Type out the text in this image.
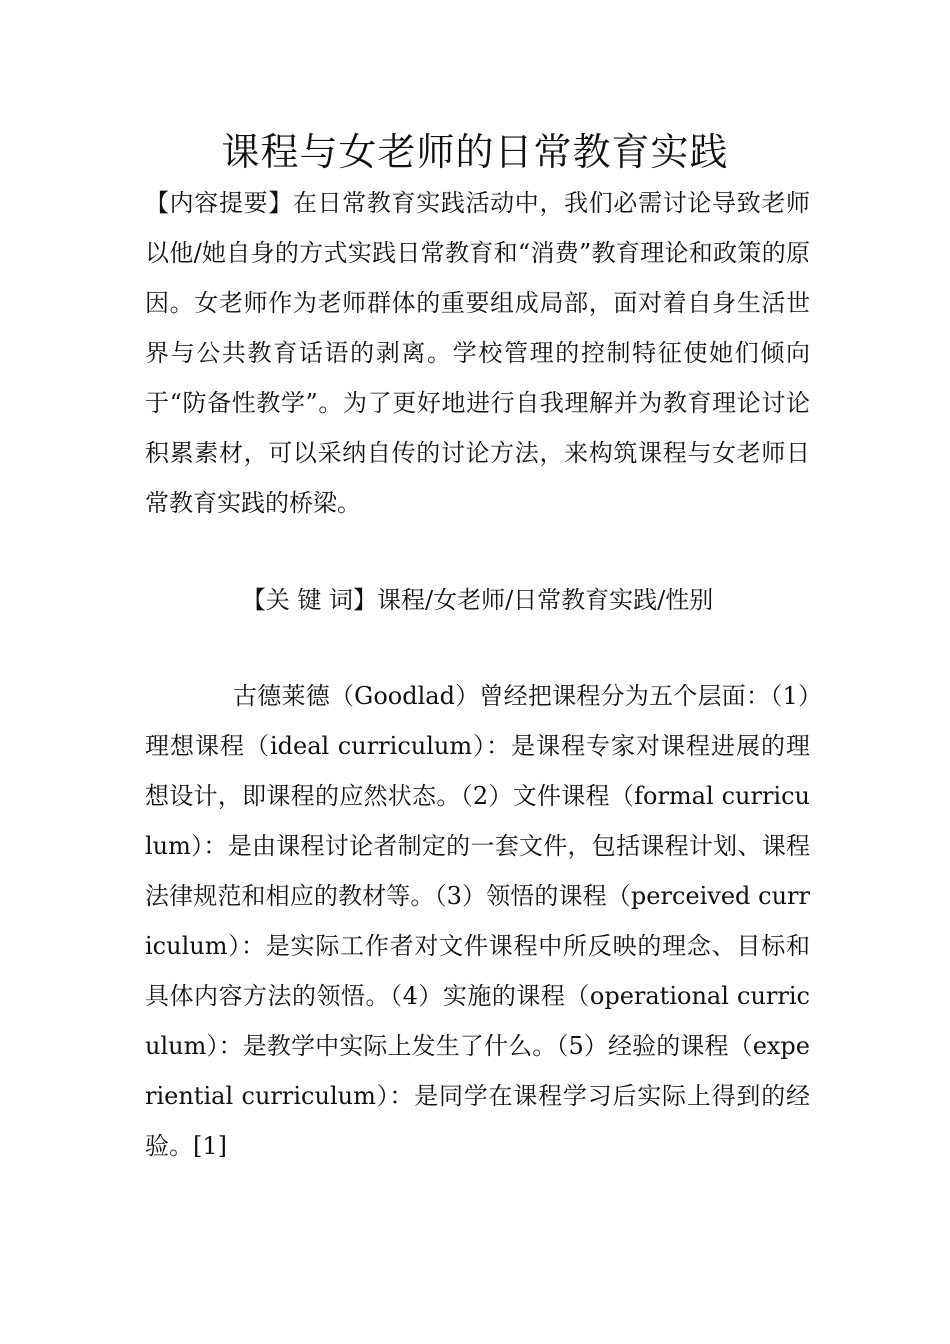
课程与女老师的日常教育实践

【内容提要】在日常教育实践活动中，我们必需讨论导致老师以他/她自身的方式实践日常教育和“消费”教育理论和政策的原因。女老师作为老师群体的重要组成局部，面对着自身生活世界与公共教育话语的剥离。学校管理的控制特征使她们倾向于“防备性教学”。为了更好地进行自我理解并为教育理论讨论积累素材，可以采纳自传的讨论方法，来构筑课程与女老师日常教育实践的桥梁。

【关 键 词】课程/女老师/日常教育实践/性别

古德莱德（Goodlad）曾经把课程分为五个层面：（1）理想课程（ideal curriculum）：是课程专家对课程进展的理想设计，即课程的应然状态。（2）文件课程（formal curriculum）：是由课程讨论者制定的一套文件，包括课程计划、课程法律规范和相应的教材等。（3）领悟的课程（perceived curriculum）：是实际工作者对文件课程中所反映的理念、目标和具体内容方法的领悟。（4）实施的课程（operational curriculum）：是教学中实际上发生了什么。（5）经验的课程（experiential curriculum）：是同学在课程学习后实际上得到的经验。[1]
